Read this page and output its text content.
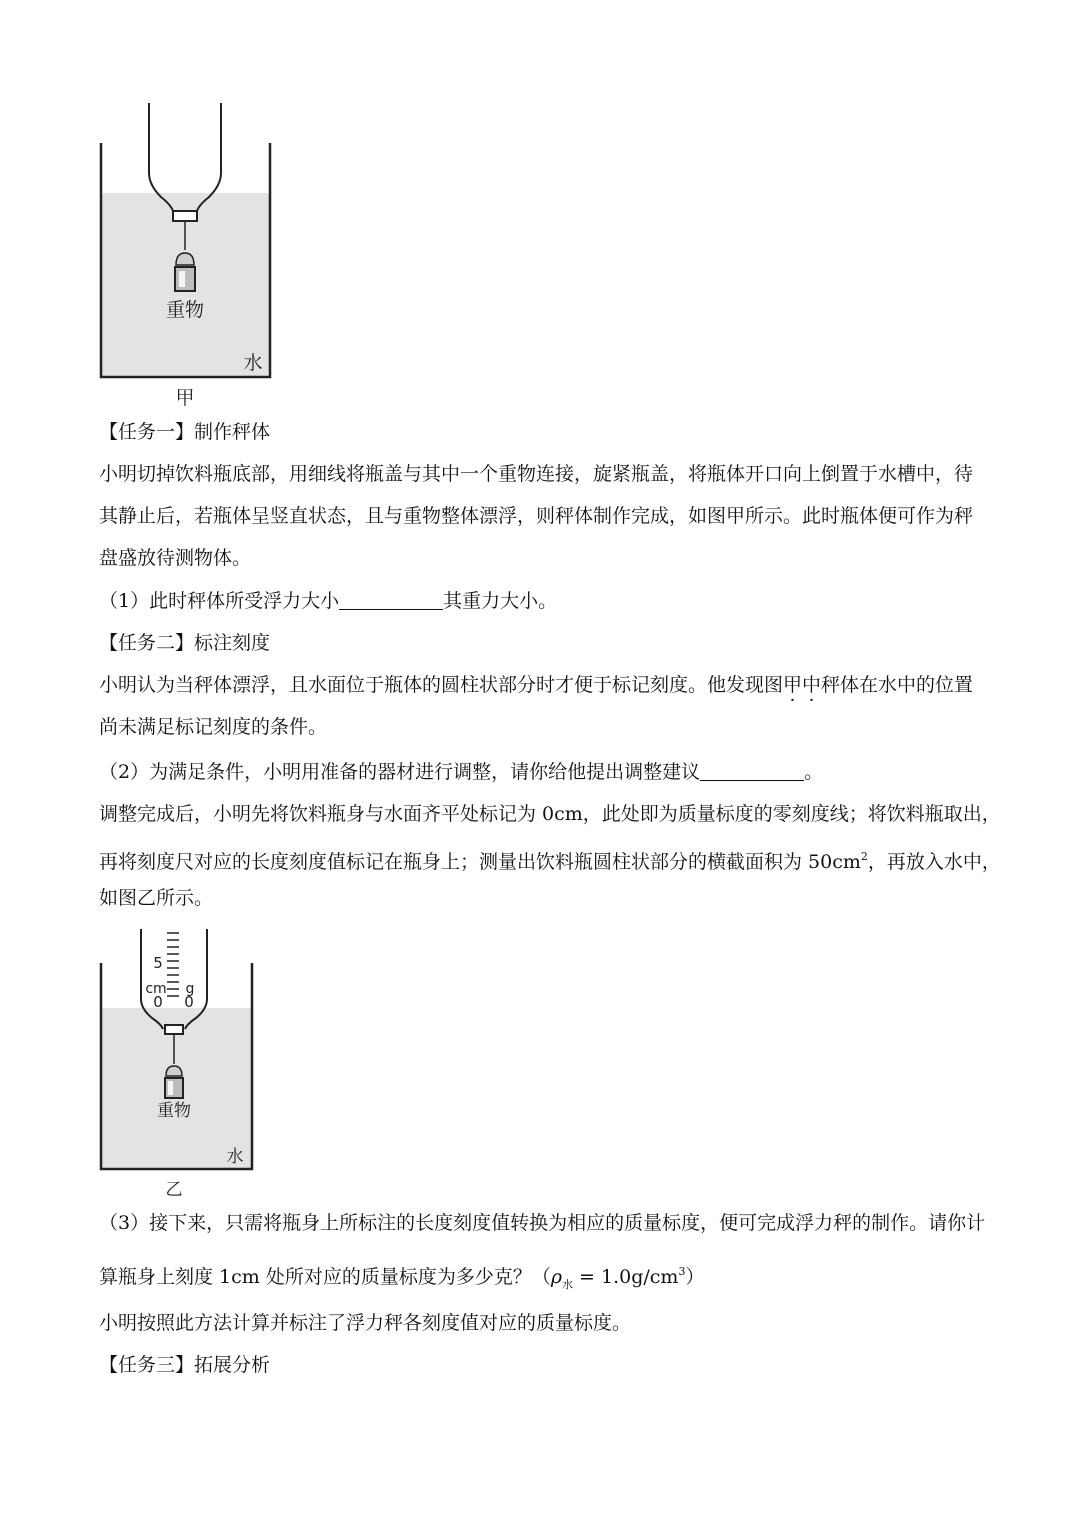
重物
水
甲
【任务一】制作秤体
小明切掉饮料瓶底部，用细线将瓶盖与其中一个重物连接，旋紧瓶盖，将瓶体开口向上倒置于水槽中，待
其静止后，若瓶体呈竖直状态，且与重物整体漂浮，则秤体制作完成，如图甲所示。此时瓶体便可作为秤
盘盛放待测物体。
（1）此时秤体所受浮力大小	其重力大小。
【任务二】标注刻度
小明认为当秤体漂浮，且水面位于瓶体的圆柱状部分时才便于标记刻度。他发现图甲中秤体在水中的位置
尚未满足标记刻度的条件。
（2）为满足条件，小明用准备的器材进行调整，请你给他提出调整建议	。
调整完成后，小明先将饮料瓶身与水面齐平处标记为 0cm，此处即为质量标度的零刻度线；将饮料瓶取出，
再将刻度尺对应的长度刻度值标记在瓶身上；测量出饮料瓶圆柱状部分的横截面积为 $50cm^2$，再放入水中，
如图乙所示。
5
cm g
0 0
重物
水
乙
（3）接下来，只需将瓶身上所标注的长度刻度值转换为相应的质量标度，便可完成浮力秤的制作。请你计
算瓶身上刻度 1cm 处所对应的质量标度为多少克？$(\rho_水 = 1.0g/cm^3)$
小明按照此方法计算并标注了浮力秤各刻度值对应的质量标度。
【任务三】拓展分析
